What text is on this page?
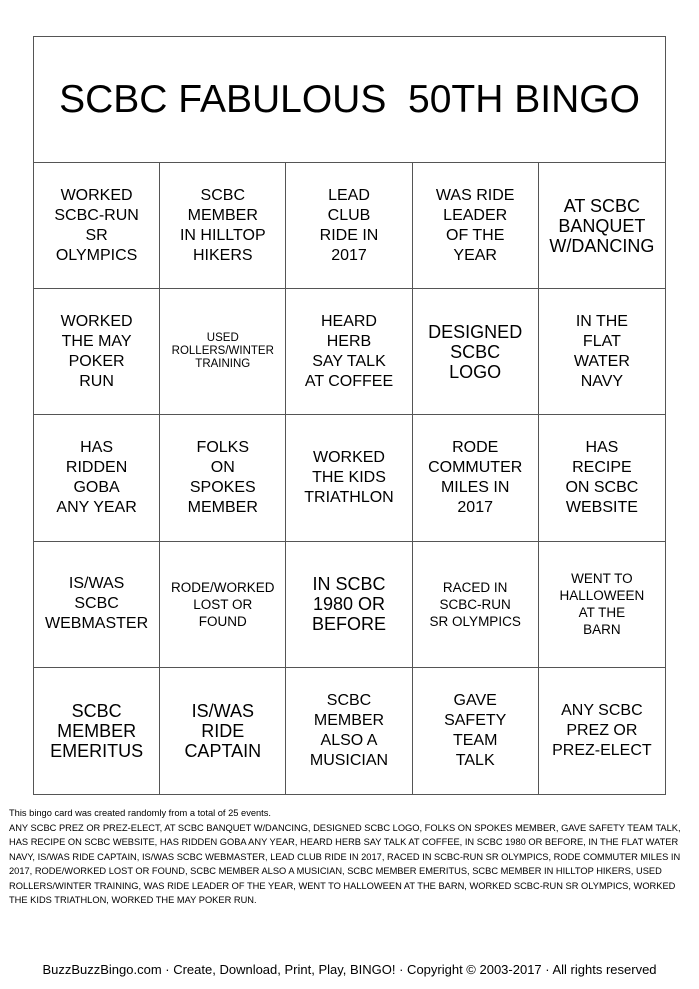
SCBC FABULOUS  50TH BINGO
WORKED
SCBC-RUN
SR
OLYMPICS
SCBC
MEMBER
IN HILLTOP
HIKERS
LEAD
CLUB
RIDE IN
2017
WAS RIDE
LEADER
OF THE
YEAR
AT SCBC
BANQUET
W/DANCING
WORKED
THE MAY
POKER
RUN
USED
ROLLERS/WINTER
TRAINING
HEARD
HERB
SAY TALK
AT COFFEE
DESIGNED
SCBC
LOGO
IN THE
FLAT
WATER
NAVY
HAS
RIDDEN
GOBA
ANY YEAR
FOLKS
ON
SPOKES
MEMBER
WORKED
THE KIDS
TRIATHLON
RODE
COMMUTER
MILES IN
2017
HAS
RECIPE
ON SCBC
WEBSITE
IS/WAS
SCBC
WEBMASTER
RODE/WORKED
LOST OR
FOUND
IN SCBC
1980 OR
BEFORE
RACED IN
SCBC-RUN
SR OLYMPICS
WENT TO
HALLOWEEN
AT THE
BARN
SCBC
MEMBER
EMERITUS
IS/WAS
RIDE
CAPTAIN
SCBC
MEMBER
ALSO A
MUSICIAN
GAVE
SAFETY
TEAM
TALK
ANY SCBC
PREZ OR
PREZ-ELECT
This bingo card was created randomly from a total of 25 events.
ANY SCBC PREZ OR PREZ-ELECT, AT SCBC BANQUET W/DANCING, DESIGNED SCBC LOGO, FOLKS ON SPOKES MEMBER, GAVE SAFETY TEAM TALK, HAS RECIPE ON SCBC WEBSITE, HAS RIDDEN GOBA ANY YEAR, HEARD HERB SAY TALK AT COFFEE, IN SCBC 1980 OR BEFORE, IN THE FLAT WATER NAVY, IS/WAS RIDE CAPTAIN, IS/WAS SCBC WEBMASTER, LEAD CLUB RIDE IN 2017, RACED IN SCBC-RUN SR OLYMPICS, RODE COMMUTER MILES IN 2017, RODE/WORKED LOST OR FOUND, SCBC MEMBER ALSO A MUSICIAN, SCBC MEMBER EMERITUS, SCBC MEMBER IN HILLTOP HIKERS, USED ROLLERS/WINTER TRAINING, WAS RIDE LEADER OF THE YEAR, WENT TO HALLOWEEN AT THE BARN, WORKED SCBC-RUN SR OLYMPICS, WORKED THE KIDS TRIATHLON, WORKED THE MAY POKER RUN.
BuzzBuzzBingo.com · Create, Download, Print, Play, BINGO! · Copyright © 2003-2017 · All rights reserved
